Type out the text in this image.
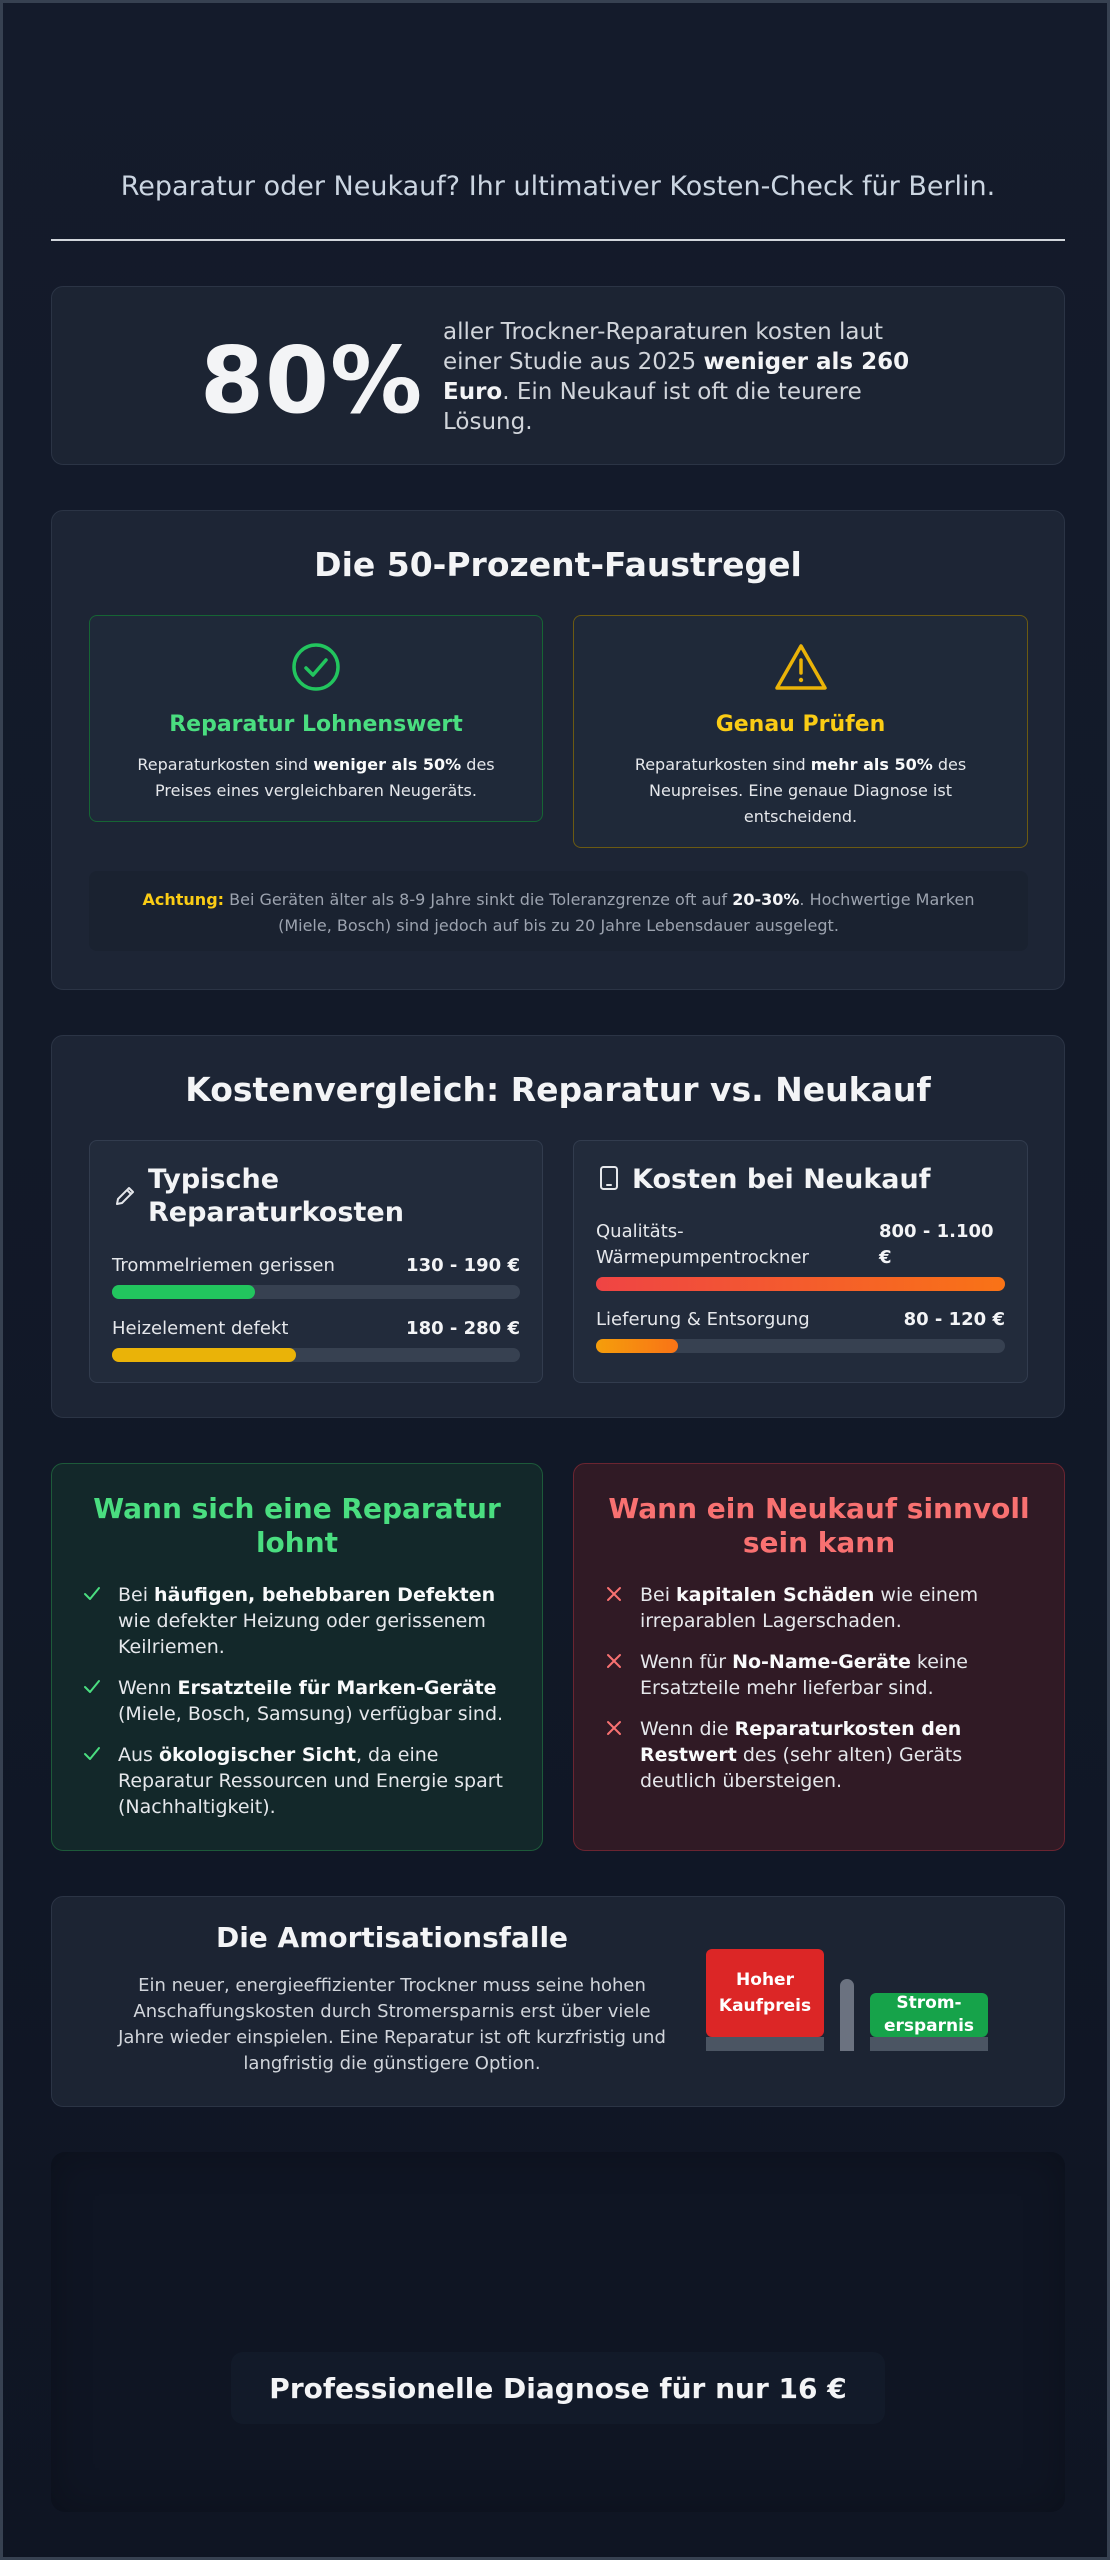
Reparatur oder Neukauf? Ihr ultimativer Kosten-Check für Berlin.
80% aller Trockner-Reparaturen kosten laut einer Studie aus 2025 weniger als 260 Euro. Ein Neukauf ist oft die teurere Lösung.

Die 50-Prozent-Faustregel
Reparatur Lohnenswert

Reparaturkosten sind weniger als 50% des Preises eines vergleichbaren Neugeräts.

Genau Prüfen

Reparaturkosten sind mehr als 50% des Neupreises. Eine genaue Diagnose ist entscheidend.

Achtung: Bei Geräten älter als 8-9 Jahre sinkt die Toleranzgrenze oft auf 20-30%. Hochwertige Marken (Miele, Bosch) sind jedoch auf bis zu 20 Jahre Lebensdauer ausgelegt.

Kostenvergleich: Reparatur vs. Neukauf
Typische Reparaturkosten
Trommelriemen gerissen	130 - 190 €
Heizelement defekt	180 - 280 €
Kosten bei Neukauf
Qualitäts-Wärmepumpentrockner
800 - 1.100 €
Lieferung & Entsorgung	80 - 120 €
Wann sich eine Reparatur lohnt

Bei häufigen, behebbaren Defekten wie defekter Heizung oder gerissenem Keilriemen.

Wenn Ersatzteile für Marken-Geräte (Miele, Bosch, Samsung) verfügbar sind.

Aus ökologischer Sicht, da eine Reparatur Ressourcen und Energie spart (Nachhaltigkeit).

Wann ein Neukauf sinnvoll sein kann

Bei kapitalen Schäden wie einem irreparablen Lagerschaden.

Wenn für No-Name-Geräte keine Ersatzteile mehr lieferbar sind.

Wenn die Reparaturkosten den Restwert des (sehr alten) Geräts deutlich übersteigen.

Die Amortisationsfalle

Ein neuer, energieeffizienter Trockner muss seine hohen Anschaffungskosten durch Stromersparnis erst über viele Jahre wieder einspielen. Eine Reparatur ist oft kurzfristig und langfristig die günstigere Option.

Hoher Kaufpreis	Strom-ersparnis
Professionelle Diagnose für nur 16 €
